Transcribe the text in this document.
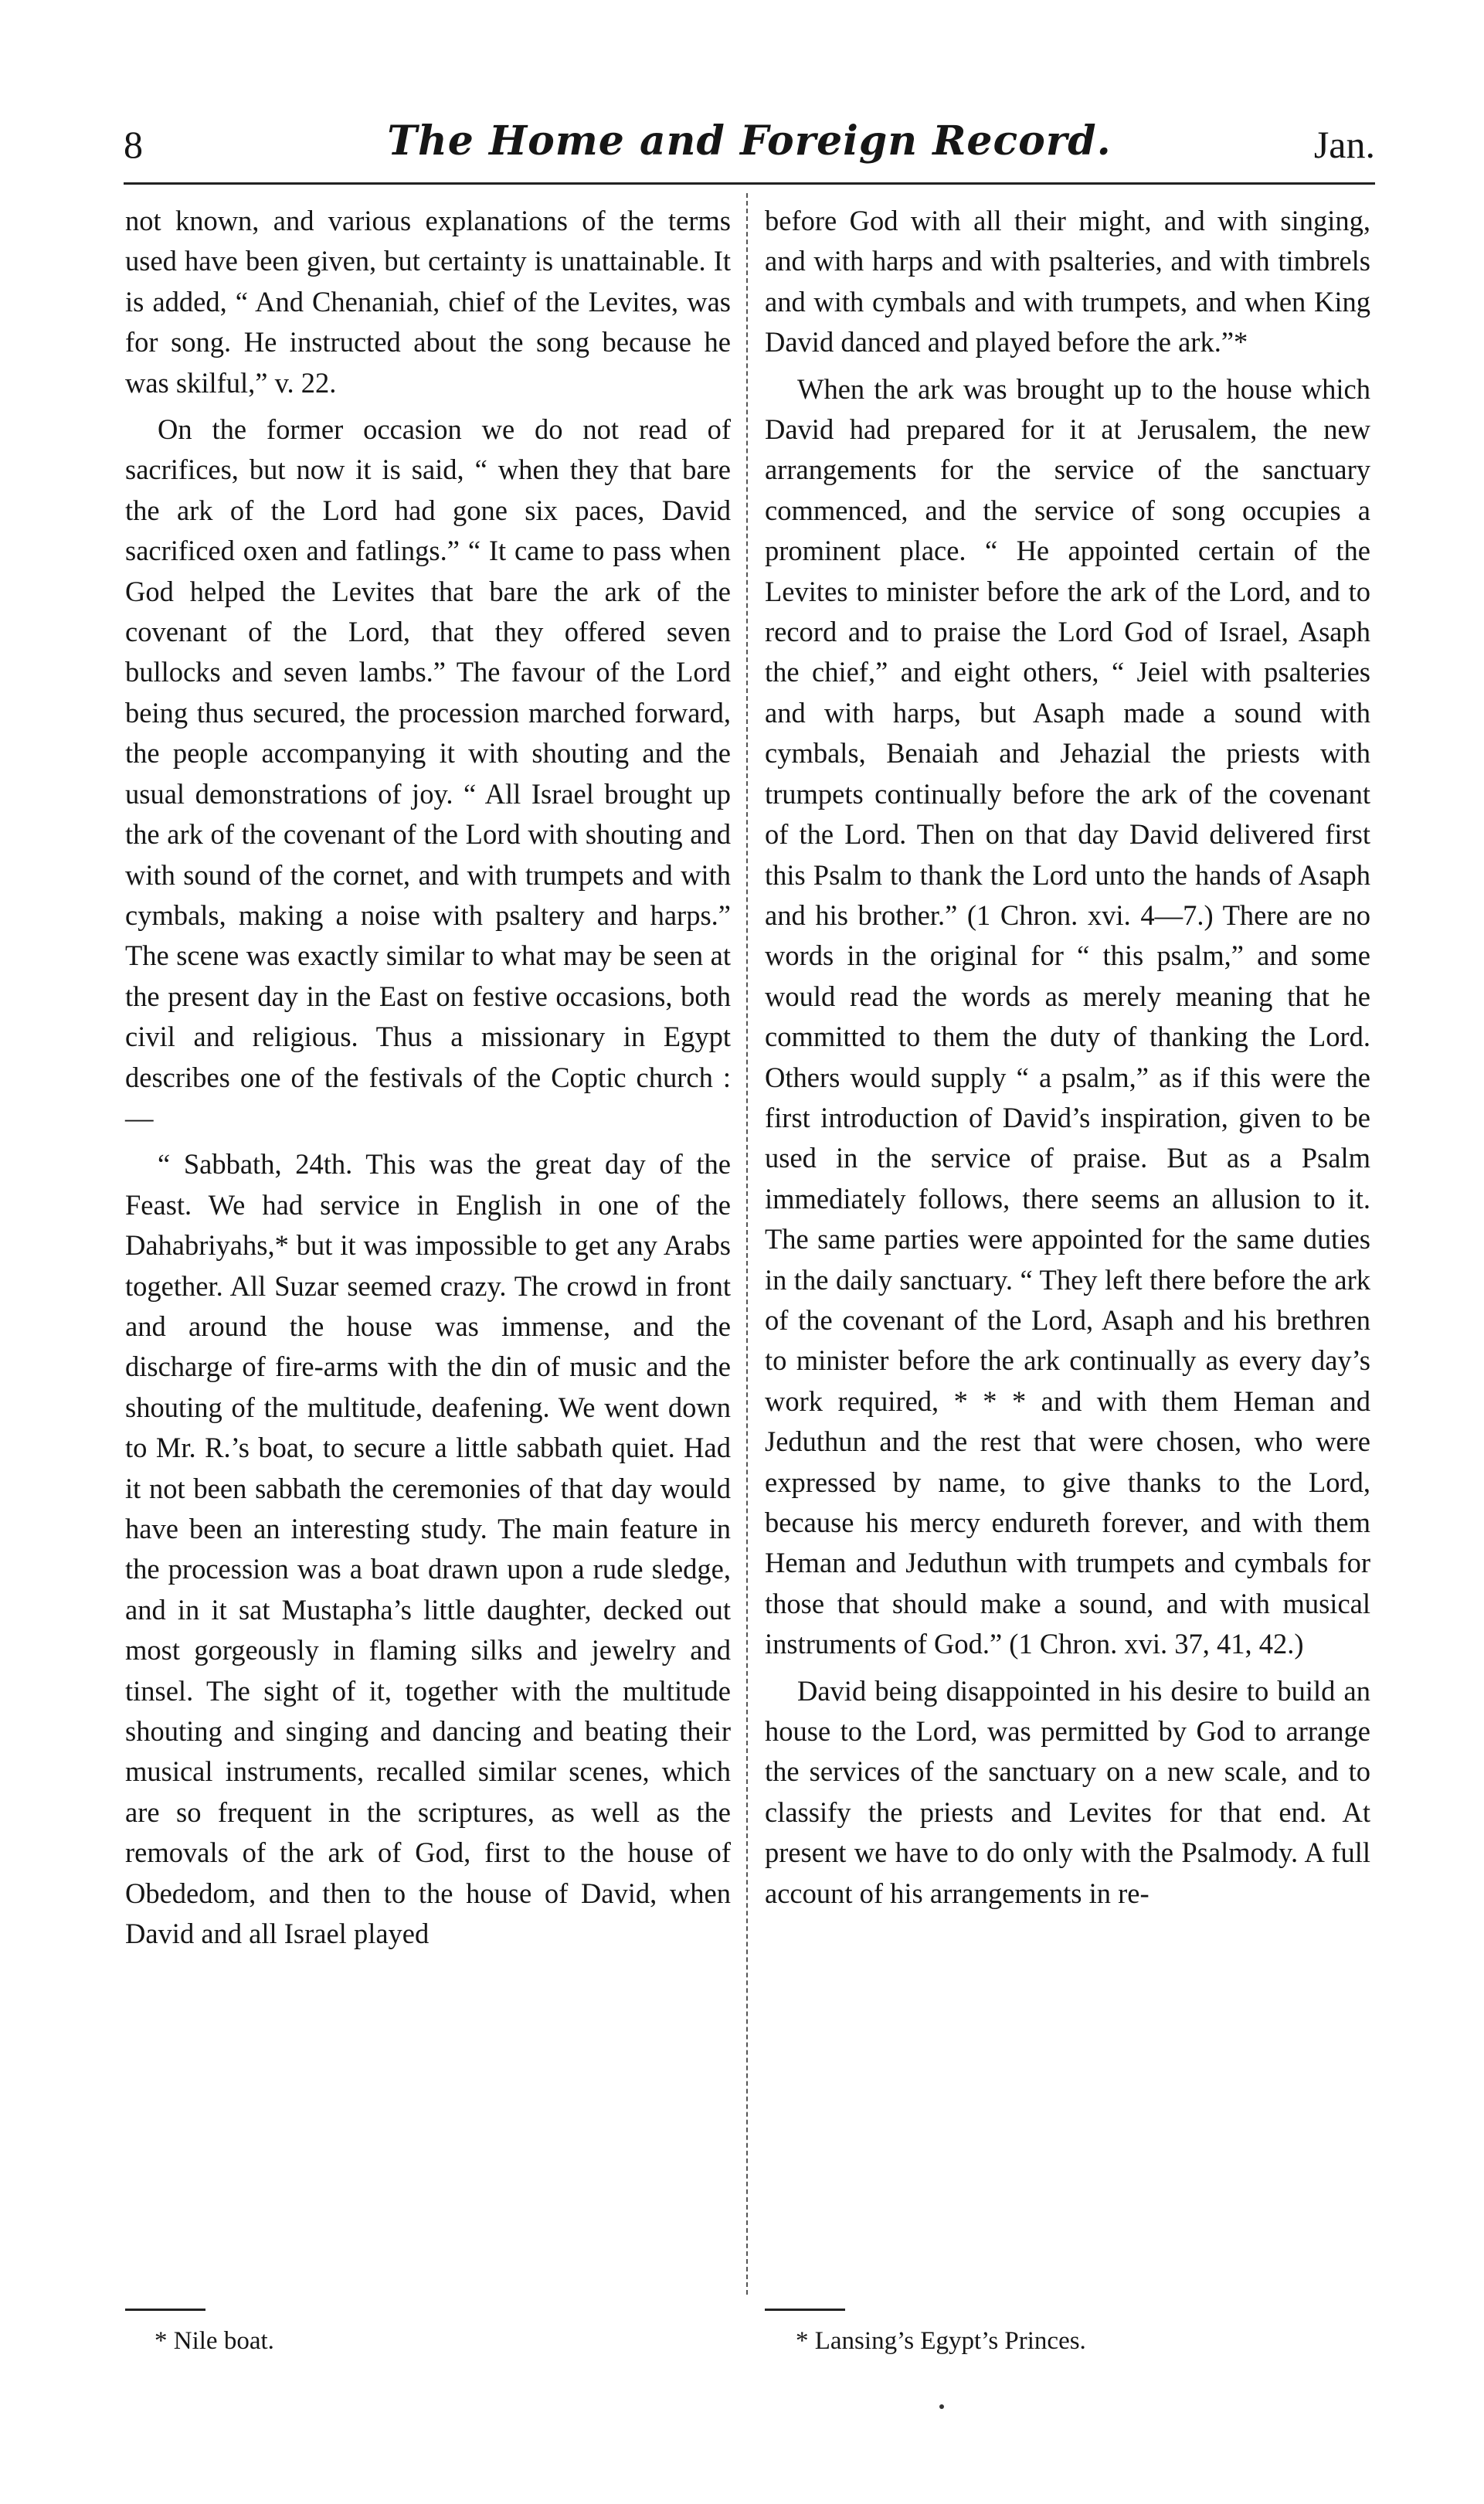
8	The Home and Foreign Record.	Jan.

not known, and various explanations of the terms used have been given, but certainty is unattainable. It is added, “ And Chenaniah, chief of the Levites, was for song. He instructed about the song because he was skilful,” v. 22.

On the former occasion we do not read of sacrifices, but now it is said, “ when they that bare the ark of the Lord had gone six paces, David sacrificed oxen and fatlings.” “ It came to pass when God helped the Levites that bare the ark of the covenant of the Lord, that they offered seven bullocks and seven lambs.” The favour of the Lord being thus secured, the procession marched forward, the people accompanying it with shouting and the usual demonstrations of joy. “ All Israel brought up the ark of the covenant of the Lord with shouting and with sound of the cornet, and with trumpets and with cymbals, making a noise with psaltery and harps.” The scene was exactly similar to what may be seen at the present day in the East on festive occasions, both civil and religious. Thus a missionary in Egypt describes one of the festivals of the Coptic church :—

“ Sabbath, 24th. This was the great day of the Feast. We had service in English in one of the Dahabriyahs,* but it was impossible to get any Arabs together. All Suzar seemed crazy. The crowd in front and around the house was immense, and the discharge of fire-arms with the din of music and the shouting of the multitude, deafening. We went down to Mr. R.’s boat, to secure a little sabbath quiet. Had it not been sabbath the ceremonies of that day would have been an interesting study. The main feature in the procession was a boat drawn upon a rude sledge, and in it sat Mustapha’s little daughter, decked out most gorgeously in flaming silks and jewelry and tinsel. The sight of it, together with the multitude shouting and singing and dancing and beating their musical instruments, recalled similar scenes, which are so frequent in the scriptures, as well as the removals of the ark of God, first to the house of Obededom, and then to the house of David, when David and all Israel played

before God with all their might, and with singing, and with harps and with psalteries, and with timbrels and with cymbals and with trumpets, and when King David danced and played before the ark.”*

When the ark was brought up to the house which David had prepared for it at Jerusalem, the new arrangements for the service of the sanctuary commenced, and the service of song occupies a prominent place. “ He appointed certain of the Levites to minister before the ark of the Lord, and to record and to praise the Lord God of Israel, Asaph the chief,” and eight others, “ Jeiel with psalteries and with harps, but Asaph made a sound with cymbals, Benaiah and Jehazial the priests with trumpets continually before the ark of the covenant of the Lord. Then on that day David delivered first this Psalm to thank the Lord unto the hands of Asaph and his brother.” (1 Chron. xvi. 4—7.) There are no words in the original for “ this psalm,” and some would read the words as merely meaning that he committed to them the duty of thanking the Lord. Others would supply “ a psalm,” as if this were the first introduction of David’s inspiration, given to be used in the service of praise. But as a Psalm immediately follows, there seems an allusion to it. The same parties were appointed for the same duties in the daily sanctuary. “ They left there before the ark of the covenant of the Lord, Asaph and his brethren to minister before the ark continually as every day’s work required, * * * and with them Heman and Jeduthun and the rest that were chosen, who were expressed by name, to give thanks to the Lord, because his mercy endureth forever, and with them Heman and Jeduthun with trumpets and cymbals for those that should make a sound, and with musical instruments of God.” (1 Chron. xvi. 37, 41, 42.)

David being disappointed in his desire to build an house to the Lord, was permitted by God to arrange the services of the sanctuary on a new scale, and to classify the priests and Levites for that end. At present we have to do only with the Psalmody. A full account of his arrangements in re-

* Nile boat.	* Lansing’s Egypt’s Princes.
